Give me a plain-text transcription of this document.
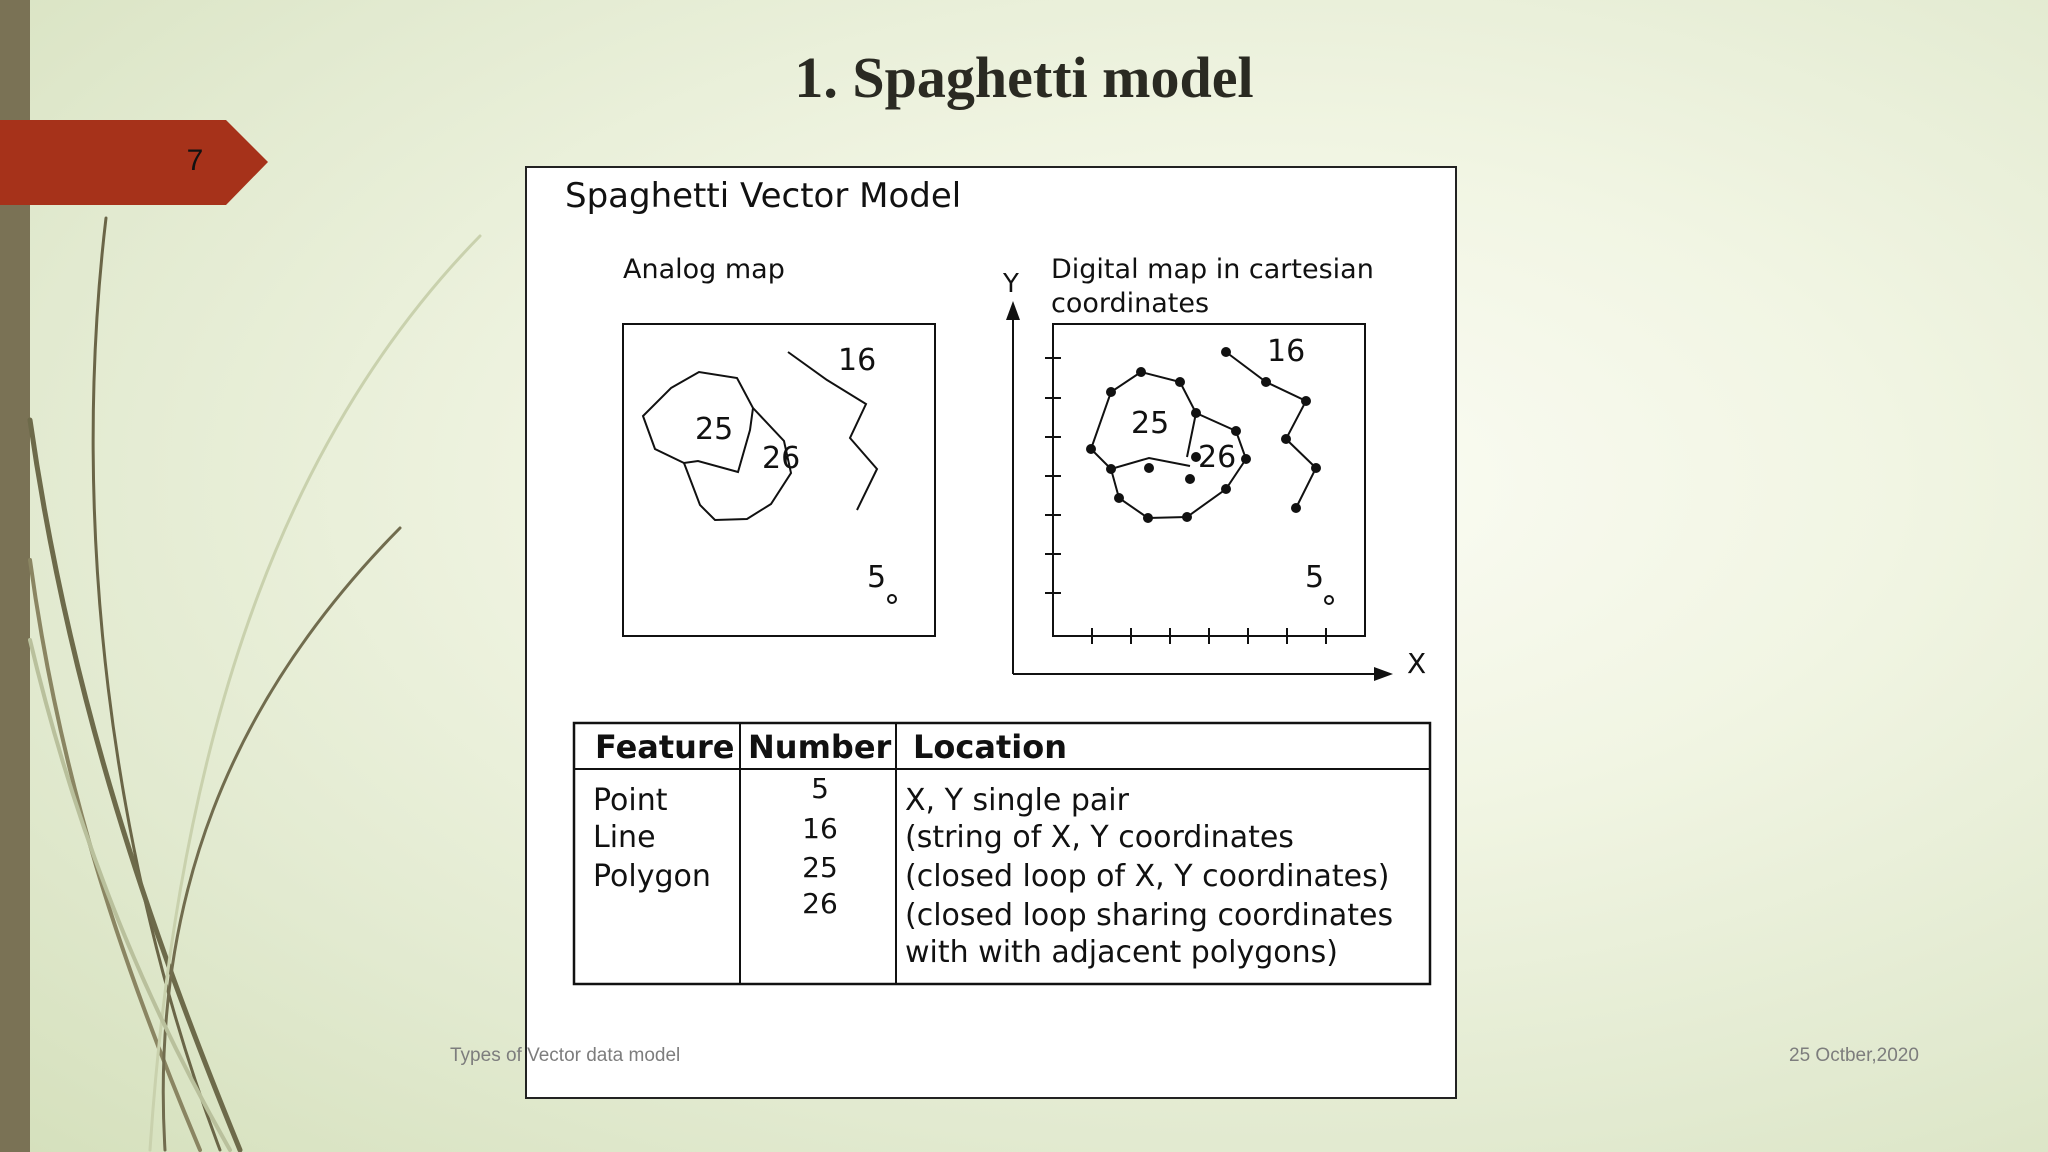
7
1. Spaghetti model
Spaghetti Vector Model
Analog map	Digital map in cartesian
coordinates
16
25
26
5
Y
X
16
25
26
5
Feature Number Location
Point
Line
Polygon
5
16
25
26
X, Y single pair
(string of X, Y coordinates
(closed loop of X, Y coordinates)
(closed loop sharing coordinates
with with adjacent polygons)
Types of Vector data model	25 Octber,2020
